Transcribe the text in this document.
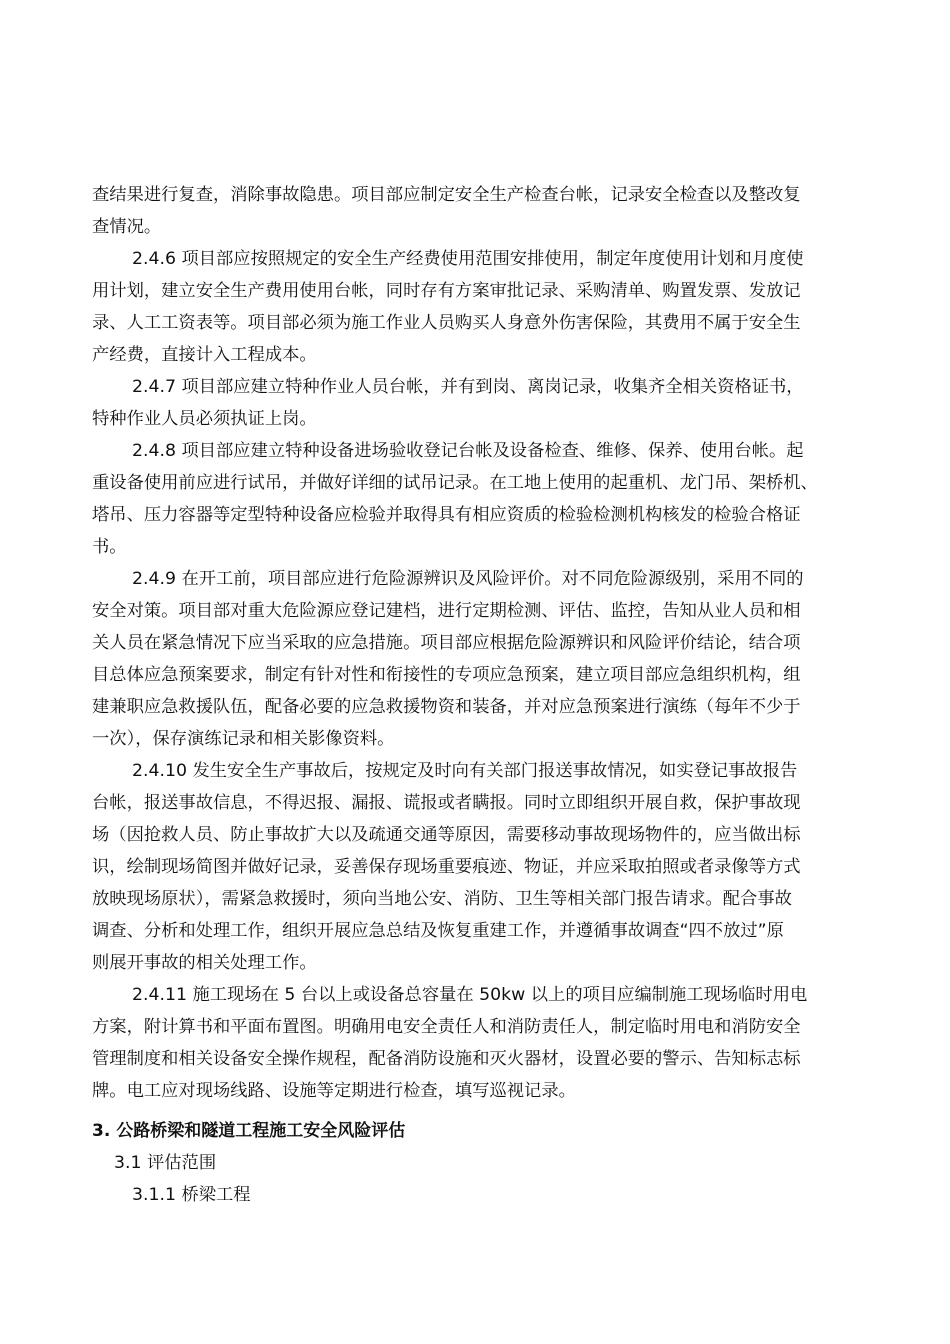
查结果进行复查，消除事故隐患。项目部应制定安全生产检查台帐，记录安全检查以及整改复
查情况。
2.4.6 项目部应按照规定的安全生产经费使用范围安排使用，制定年度使用计划和月度使
用计划，建立安全生产费用使用台帐，同时存有方案审批记录、采购清单、购置发票、发放记
录、人工工资表等。项目部必须为施工作业人员购买人身意外伤害保险，其费用不属于安全生
产经费，直接计入工程成本。
2.4.7 项目部应建立特种作业人员台帐，并有到岗、离岗记录，收集齐全相关资格证书，
特种作业人员必须执证上岗。
2.4.8 项目部应建立特种设备进场验收登记台帐及设备检查、维修、保养、使用台帐。起
重设备使用前应进行试吊，并做好详细的试吊记录。在工地上使用的起重机、龙门吊、架桥机、
塔吊、压力容器等定型特种设备应检验并取得具有相应资质的检验检测机构核发的检验合格证
书。
2.4.9 在开工前，项目部应进行危险源辨识及风险评价。对不同危险源级别，采用不同的
安全对策。项目部对重大危险源应登记建档，进行定期检测、评估、监控，告知从业人员和相
关人员在紧急情况下应当采取的应急措施。项目部应根据危险源辨识和风险评价结论，结合项
目总体应急预案要求，制定有针对性和衔接性的专项应急预案，建立项目部应急组织机构，组
建兼职应急救援队伍，配备必要的应急救援物资和装备，并对应急预案进行演练（每年不少于
一次），保存演练记录和相关影像资料。
2.4.10 发生安全生产事故后，按规定及时向有关部门报送事故情况，如实登记事故报告
台帐，报送事故信息，不得迟报、漏报、谎报或者瞒报。同时立即组织开展自救，保护事故现
场（因抢救人员、防止事故扩大以及疏通交通等原因，需要移动事故现场物件的，应当做出标
识，绘制现场简图并做好记录，妥善保存现场重要痕迹、物证，并应采取拍照或者录像等方式
放映现场原状），需紧急救援时，须向当地公安、消防、卫生等相关部门报告请求。配合事故
调查、分析和处理工作，组织开展应急总结及恢复重建工作，并遵循事故调查“四不放过”原
则展开事故的相关处理工作。
2.4.11 施工现场在 5 台以上或设备总容量在 50kw 以上的项目应编制施工现场临时用电
方案，附计算书和平面布置图。明确用电安全责任人和消防责任人，制定临时用电和消防安全
管理制度和相关设备安全操作规程，配备消防设施和灭火器材，设置必要的警示、告知标志标
牌。电工应对现场线路、设施等定期进行检查，填写巡视记录。
3. 公路桥梁和隧道工程施工安全风险评估
3.1 评估范围
3.1.1 桥梁工程
